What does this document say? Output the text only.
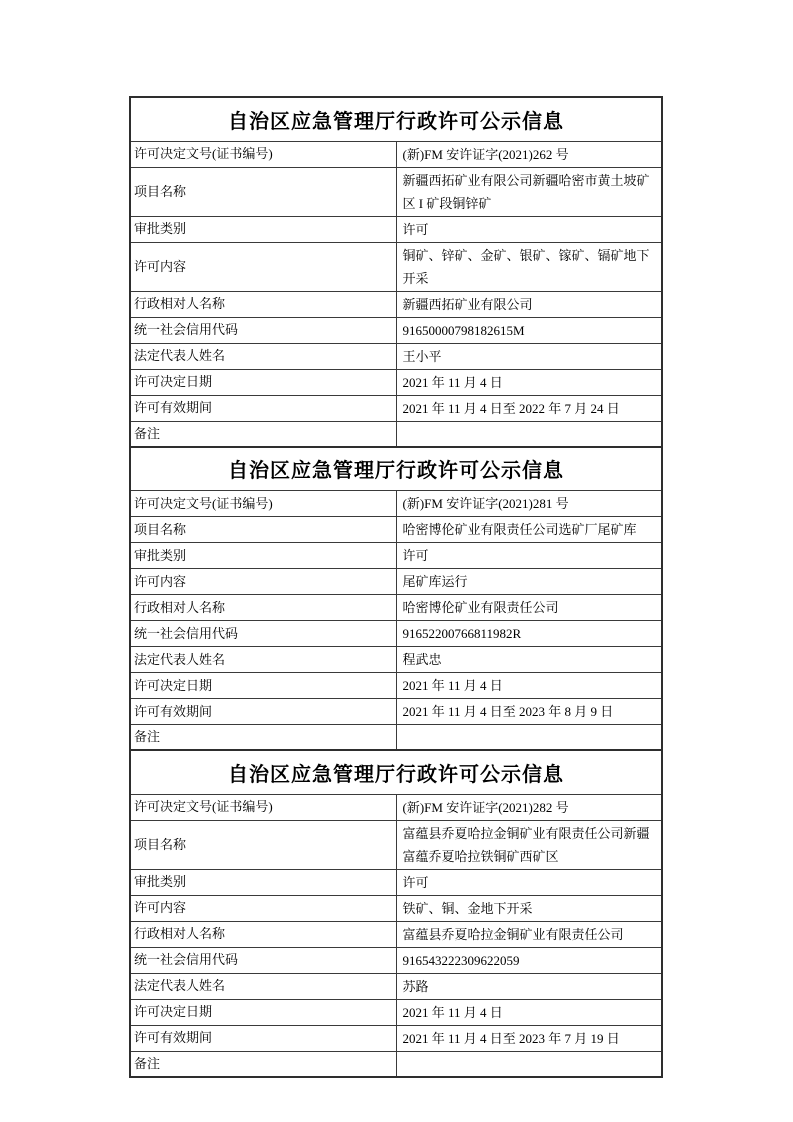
自治区应急管理厅行政许可公示信息	
许可决定文号(证书编号)	(新)FM 安许证字(2021)262 号
项目名称	新疆西拓矿业有限公司新疆哈密市黄土坡矿区 I 矿段铜锌矿
审批类别	许可
许可内容	铜矿、锌矿、金矿、银矿、镓矿、镉矿地下开采
行政相对人名称	新疆西拓矿业有限公司
统一社会信用代码	91650000798182615M
法定代表人姓名	王小平
许可决定日期	2021 年 11 月 4 日
许可有效期间	2021 年 11 月 4 日至 2022 年 7 月 24 日
备注	
自治区应急管理厅行政许可公示信息	
许可决定文号(证书编号)	(新)FM 安许证字(2021)281 号
项目名称	哈密博伦矿业有限责任公司选矿厂尾矿库
审批类别	许可
许可内容	尾矿库运行
行政相对人名称	哈密博伦矿业有限责任公司
统一社会信用代码	91652200766811982R
法定代表人姓名	程武忠
许可决定日期	2021 年 11 月 4 日
许可有效期间	2021 年 11 月 4 日至 2023 年 8 月 9 日
备注	
自治区应急管理厅行政许可公示信息	
许可决定文号(证书编号)	(新)FM 安许证字(2021)282 号
项目名称	富蕴县乔夏哈拉金铜矿业有限责任公司新疆富蕴乔夏哈拉铁铜矿西矿区
审批类别	许可
许可内容	铁矿、铜、金地下开采
行政相对人名称	富蕴县乔夏哈拉金铜矿业有限责任公司
统一社会信用代码	916543222309622059
法定代表人姓名	苏路
许可决定日期	2021 年 11 月 4 日
许可有效期间	2021 年 11 月 4 日至 2023 年 7 月 19 日
备注	
